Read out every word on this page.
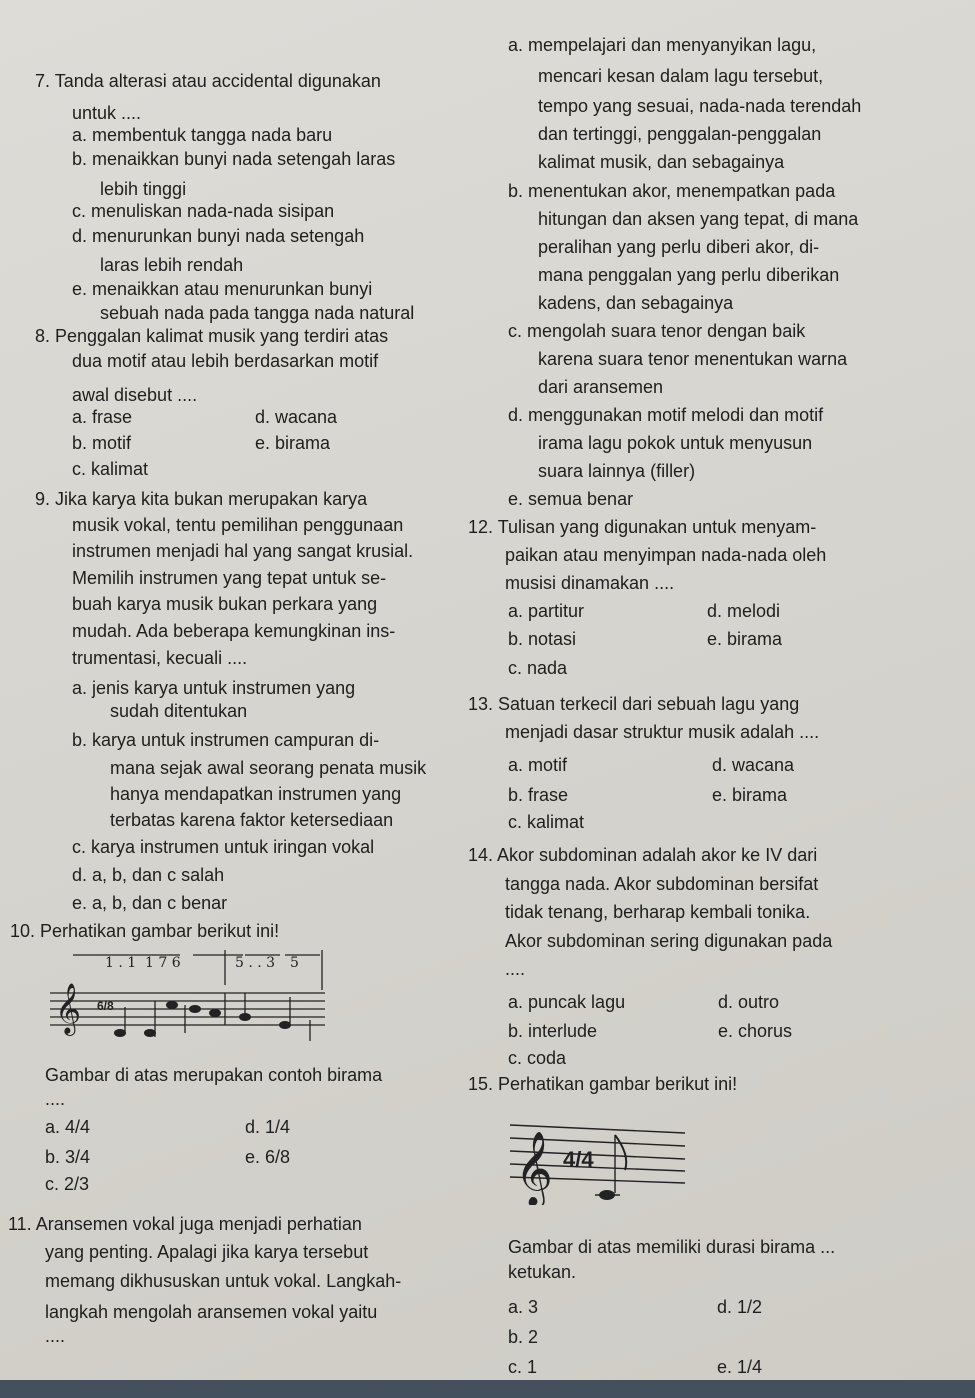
7. Tanda alterasi atau accidental digunakan
untuk ....
a. membentuk tangga nada baru
b. menaikkan bunyi nada setengah laras
lebih tinggi
c. menuliskan nada-nada sisipan
d. menurunkan bunyi nada setengah
laras lebih rendah
e. menaikkan atau menurunkan bunyi
sebuah nada pada tangga nada natural
8. Penggalan kalimat musik yang terdiri atas
dua motif atau lebih berdasarkan motif
awal disebut ....
a. frase	d. wacana
b. motif	e. birama
c. kalimat
9. Jika karya kita bukan merupakan karya
musik vokal, tentu pemilihan penggunaan
instrumen menjadi hal yang sangat krusial.
Memilih instrumen yang tepat untuk se-
buah karya musik bukan perkara yang
mudah. Ada beberapa kemungkinan ins-
trumentasi, kecuali ....
a. jenis karya untuk instrumen yang
sudah ditentukan
b. karya untuk instrumen campuran di-
mana sejak awal seorang penata musik
hanya mendapatkan instrumen yang
terbatas karena faktor ketersediaan
c. karya instrumen untuk iringan vokal
d. a, b, dan c salah
e. a, b, dan c benar
10. Perhatikan gambar berikut ini!
Gambar di atas merupakan contoh birama
....
a. 4/4	d. 1/4
b. 3/4	e. 6/8
c. 2/3
11. Aransemen vokal juga menjadi perhatian
yang penting. Apalagi jika karya tersebut
memang dikhususkan untuk vokal. Langkah-
langkah mengolah aransemen vokal yaitu
....
a. mempelajari dan menyanyikan lagu,
mencari kesan dalam lagu tersebut,
tempo yang sesuai, nada-nada terendah
dan tertinggi, penggalan-penggalan
kalimat musik, dan sebagainya
b. menentukan akor, menempatkan pada
hitungan dan aksen yang tepat, di mana
peralihan yang perlu diberi akor, di-
mana penggalan yang perlu diberikan
kadens, dan sebagainya
c. mengolah suara tenor dengan baik
karena suara tenor menentukan warna
dari aransemen
d. menggunakan motif melodi dan motif
irama lagu pokok untuk menyusun
suara lainnya (filler)
e. semua benar
12. Tulisan yang digunakan untuk menyam-
paikan atau menyimpan nada-nada oleh
musisi dinamakan ....
a. partitur	d. melodi
b. notasi	e. birama
c. nada
13. Satuan terkecil dari sebuah lagu yang
menjadi dasar struktur musik adalah ....
a. motif	d. wacana
b. frase	e. birama
c. kalimat
14. Akor subdominan adalah akor ke IV dari
tangga nada. Akor subdominan bersifat
tidak tenang, berharap kembali tonika.
Akor subdominan sering digunakan pada
....
a. puncak lagu	d. outro
b. interlude	e. chorus
c. coda
15. Perhatikan gambar berikut ini!
Gambar di atas memiliki durasi birama ...
ketukan.
a. 3	d. 1/2
b. 2
c. 1	e. 1/4
𝄞 6/8
1 . 1 1 7 6	5 . . 3 5
𝄞 4/4
